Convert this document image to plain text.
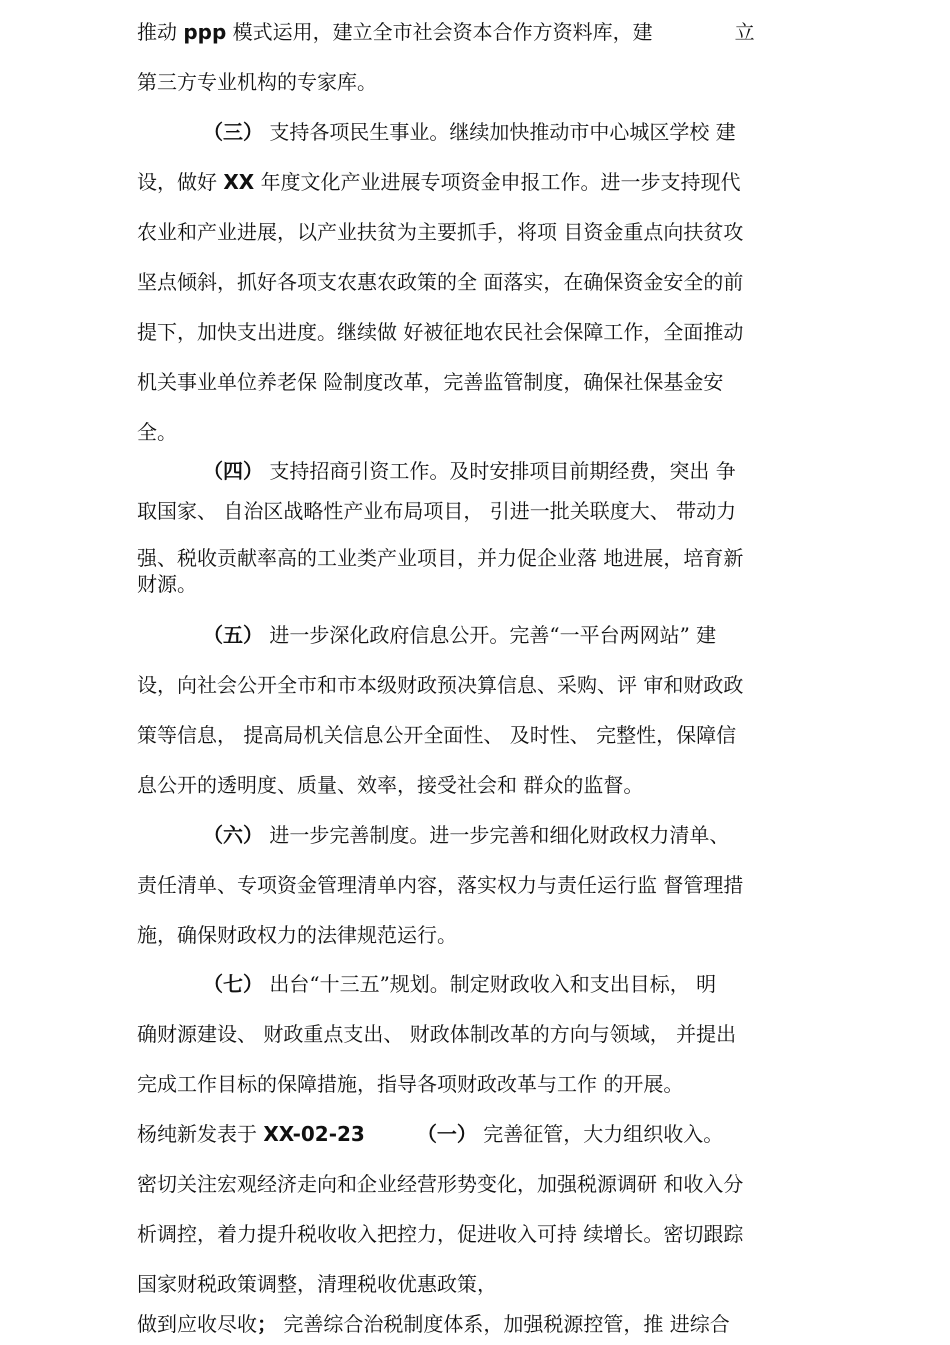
推动 ppp 模式运用，建立全市社会资本合作方资料库，建	立
第三方专业机构的专家库。
（三） 支持各项民生事业。继续加快推动市中心城区学校 建
设，做好 XX 年度文化产业进展专项资金申报工作。进一步支持现代
农业和产业进展，以产业扶贫为主要抓手，将项 目资金重点向扶贫攻
坚点倾斜，抓好各项支农惠农政策的全 面落实，在确保资金安全的前
提下，加快支出进度。继续做 好被征地农民社会保障工作，全面推动
机关事业单位养老保 险制度改革，完善监管制度，确保社保基金安
全。
（四） 支持招商引资工作。及时安排项目前期经费，突出 争
取国家、 自治区战略性产业布局项目， 引进一批关联度大、 带动力
强、税收贡献率高的工业类产业项目，并力促企业落 地进展，培育新
财源。
（五） 进一步深化政府信息公开。完善“一平台两网站” 建
设，向社会公开全市和市本级财政预决算信息、采购、评 审和财政政
策等信息， 提高局机关信息公开全面性、 及时性、 完整性，保障信
息公开的透明度、质量、效率，接受社会和 群众的监督。
（六） 进一步完善制度。进一步完善和细化财政权力清单、
责任清单、专项资金管理清单内容，落实权力与责任运行监 督管理措
施，确保财政权力的法律规范运行。
（七） 出台“十三五”规划。制定财政收入和支出目标， 明
确财源建设、 财政重点支出、 财政体制改革的方向与领域， 并提出
完成工作目标的保障措施，指导各项财政改革与工作 的开展。
杨纯新发表于 XX-02-23	（一） 完善征管，大力组织收入。
密切关注宏观经济走向和企业经营形势变化，加强税源调研 和收入分
析调控，着力提升税收收入把控力，促进收入可持 续增长。密切跟踪
国家财税政策调整，清理税收优惠政策，
做到应收尽收； 完善综合治税制度体系，加强税源控管，推 进综合
